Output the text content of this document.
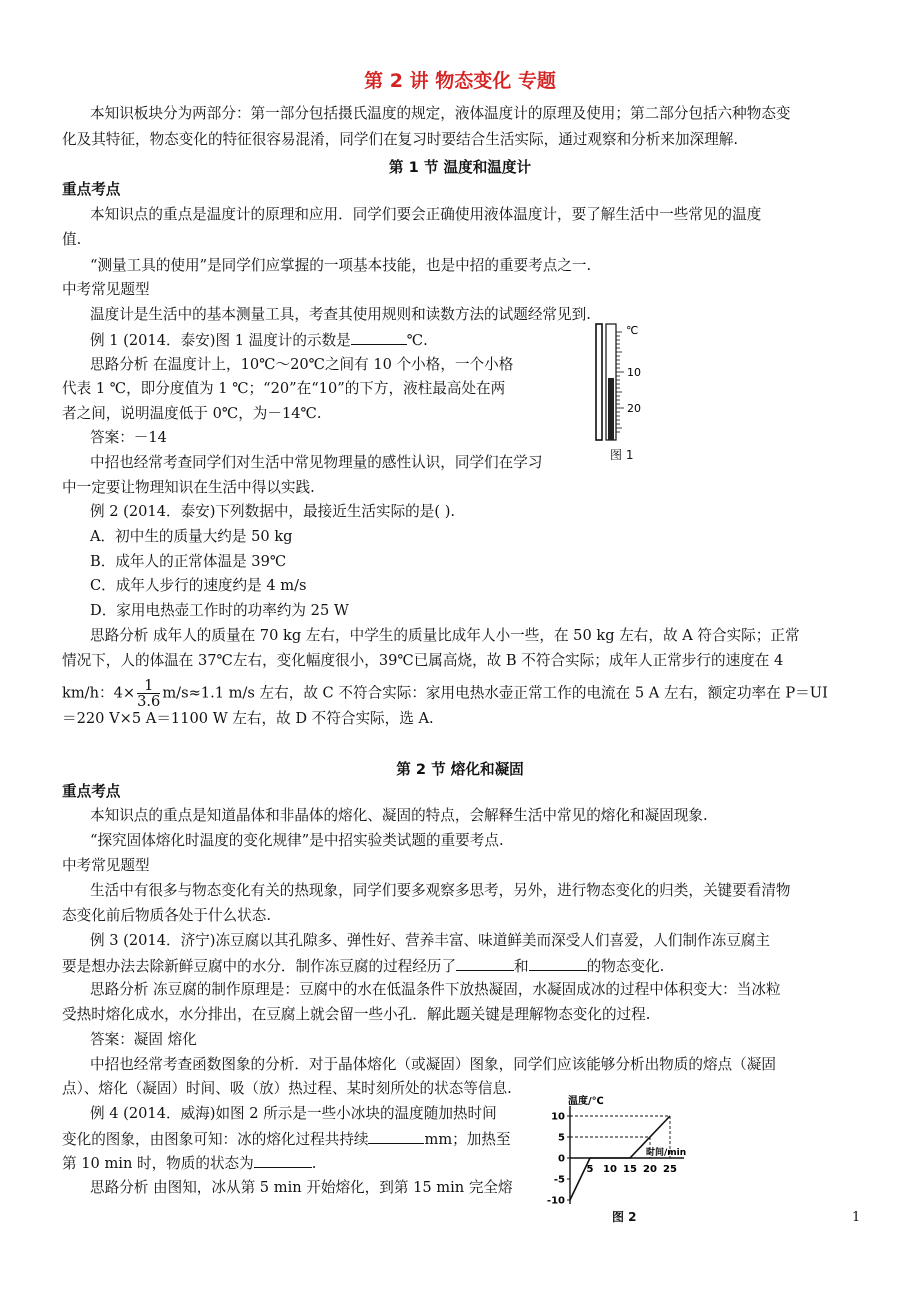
第 2 讲 物态变化 专题
本知识板块分为两部分：第一部分包括摄氏温度的规定，液体温度计的原理及使用；第二部分包括六种物态变
化及其特征，物态变化的特征很容易混淆，同学们在复习时要结合生活实际，通过观察和分析来加深理解.
第 1 节 温度和温度计
重点考点
本知识点的重点是温度计的原理和应用．同学们要会正确使用液体温度计，要了解生活中一些常见的温度
值.
“测量工具的使用”是同学们应掌握的一项基本技能，也是中招的重要考点之一.
中考常见题型
温度计是生活中的基本测量工具，考查其使用规则和读数方法的试题经常见到.
例 1 (2014．泰安)图 1 温度计的示数是	℃.
思路分析 在温度计上，10℃～20℃之间有 10 个小格，一个小格
代表 1 ℃，即分度值为 1 ℃；“20”在“10”的下方，液柱最高处在两
者之间，说明温度低于 0℃，为－14℃.
答案：－14
中招也经常考查同学们对生活中常见物理量的感性认识，同学们在学习
中一定要让物理知识在生活中得以实践.
℃
10
20
图 1
例 2 (2014．泰安)下列数据中，最接近生活实际的是( ).
A．初中生的质量大约是 50 kg
B．成年人的正常体温是 39℃
C．成年人步行的速度约是 4 m/s
D．家用电热壶工作时的功率约为 25 W
思路分析 成年人的质量在 70 kg 左右，中学生的质量比成年人小一些，在 50 kg 左右，故 A 符合实际；正常
情况下，人的体温在 37℃左右，变化幅度很小，39℃已属高烧，故 B 不符合实际；成年人正常步行的速度在 4
km/h：$4\times \frac{1}{3.6} m/s\approx 1.1$ m/s 左右，故 C 不符合实际：家用电热水壶正常工作的电流在 5 A 左右，额定功率在 P＝UI
＝220 V×5 A＝1100 W 左右，故 D 不符合实际，选 A.
第 2 节 熔化和凝固
重点考点
本知识点的重点是知道晶体和非晶体的熔化、凝固的特点，会解释生活中常见的熔化和凝固现象.
“探究固体熔化时温度的变化规律”是中招实验类试题的重要考点.
中考常见题型
生活中有很多与物态变化有关的热现象，同学们要多观察多思考，另外，进行物态变化的归类，关键要看清物
态变化前后物质各处于什么状态.
例 3 (2014．济宁)冻豆腐以其孔隙多、弹性好、营养丰富、味道鲜美而深受人们喜爱，人们制作冻豆腐主
要是想办法去除新鲜豆腐中的水分．制作冻豆腐的过程经历了	和	的物态变化.
思路分析 冻豆腐的制作原理是：豆腐中的水在低温条件下放热凝固，水凝固成冰的过程中体积变大：当冰粒
受热时熔化成水，水分排出，在豆腐上就会留一些小孔．解此题关键是理解物态变化的过程.
答案：凝固 熔化
中招也经常考查函数图象的分析．对于晶体熔化（或凝固）图象，同学们应该能够分析出物质的熔点（凝固
点）、熔化（凝固）时间、吸（放）热过程、某时刻所处的状态等信息.
例 4 (2014．威海)如图 2 所示是一些小冰块的温度随加热时间
变化的图象，由图象可知：冰的熔化过程共持续	mm；加热至
第 10 min 时，物质的状态为	.
思路分析 由图知，冰从第 5 min 开始熔化，到第 15 min 完全熔
温度/℃
时间/min
-10
-5
0
5
10
5 10 15 20 25
图 2	1
